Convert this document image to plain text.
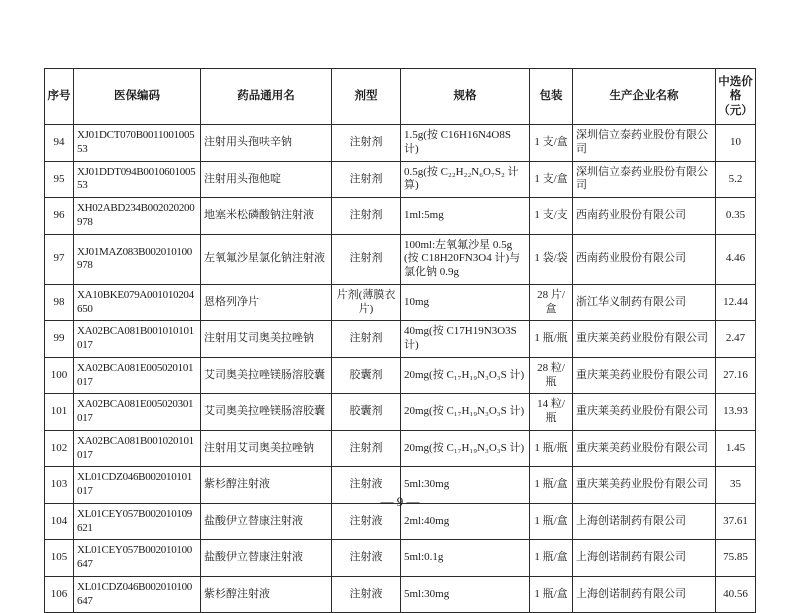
序号	医保编码	药品通用名	剂型	规格	包装	生产企业名称	中选价格（元）
94	XJ01DCT070B001100100553	注射用头孢呋辛钠	注射剂	1.5g(按 C16H16N4O8S 计)	1 支/盒	深圳信立泰药业股份有限公司	10
95	XJ01DDT094B001060100553	注射用头孢他啶	注射剂	0.5g(按 C₂₂H₂₂N₆O₇S₂ 计算)	1 支/盒	深圳信立泰药业股份有限公司	5.2
96	XH02ABD234B002020200978	地塞米松磷酸钠注射液	注射剂	1ml:5mg	1 支/支	西南药业股份有限公司	0.35
97	XJ01MAZ083B002010100978	左氧氟沙星氯化钠注射液	注射剂	100ml:左氧氟沙星 0.5g(按 C18H20FN3O4 计)与氯化钠 0.9g	1 袋/袋	西南药业股份有限公司	4.46
98	XA10BKE079A001010204650	恩格列净片	片剂(薄膜衣片)	10mg	28 片/盒	浙江华义制药有限公司	12.44
99	XA02BCA081B001010101017	注射用艾司奥美拉唑钠	注射剂	40mg(按 C17H19N3O3S 计)	1 瓶/瓶	重庆莱美药业股份有限公司	2.47
100	XA02BCA081E005020101017	艾司奥美拉唑镁肠溶胶囊	胶囊剂	20mg(按 C₁₇H₁₉N₃O₃S 计)	28 粒/瓶	重庆莱美药业股份有限公司	27.16
101	XA02BCA081E005020301017	艾司奥美拉唑镁肠溶胶囊	胶囊剂	20mg(按 C₁₇H₁₉N₃O₃S 计)	14 粒/瓶	重庆莱美药业股份有限公司	13.93
102	XA02BCA081B001020101017	注射用艾司奥美拉唑钠	注射剂	20mg(按 C₁₇H₁₉N₃O₃S 计)	1 瓶/瓶	重庆莱美药业股份有限公司	1.45
103	XL01CDZ046B002010101017	紫杉醇注射液	注射液	5ml:30mg	1 瓶/盒	重庆莱美药业股份有限公司	35
104	XL01CEY057B002010109621	盐酸伊立替康注射液	注射液	2ml:40mg	1 瓶/盒	上海创诺制药有限公司	37.61
105	XL01CEY057B002010100647	盐酸伊立替康注射液	注射液	5ml:0.1g	1 瓶/盒	上海创诺制药有限公司	75.85
106	XL01CDZ046B002010100647	紫杉醇注射液	注射液	5ml:30mg	1 瓶/盒	上海创诺制药有限公司	40.56
— 9 —
